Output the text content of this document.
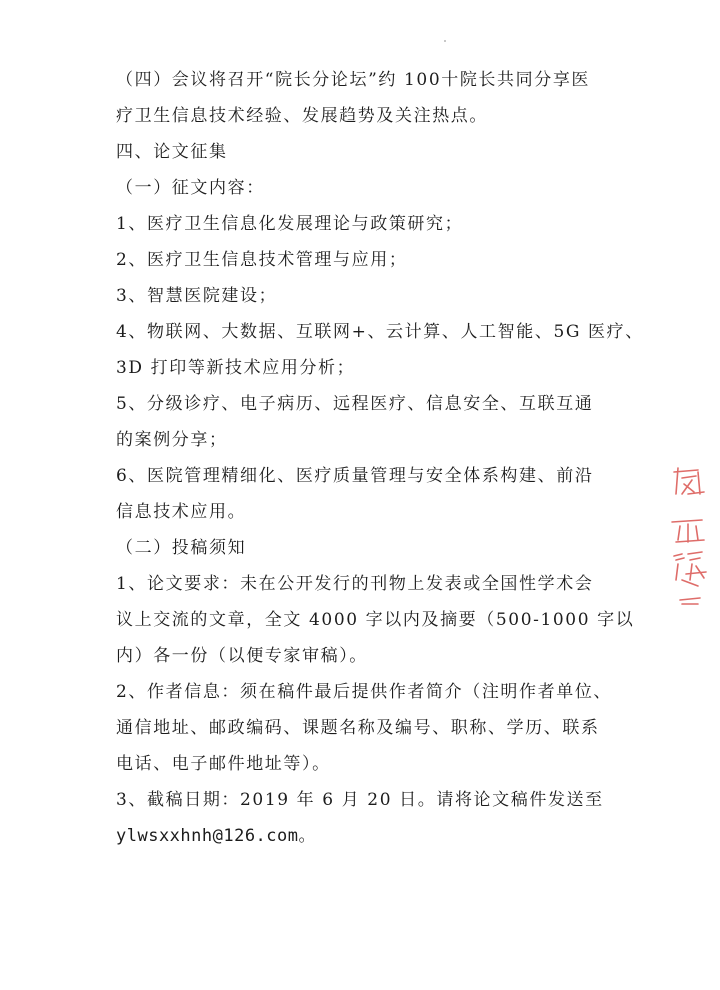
（四）会议将召开“院长分论坛”约 100十院长共同分享医
疗卫生信息技术经验、发展趋势及关注热点。
四、论文征集
（一）征文内容：
1、医疗卫生信息化发展理论与政策研究；
2、医疗卫生信息技术管理与应用；
3、智慧医院建设；
4、物联网、大数据、互联网+、云计算、人工智能、5G 医疗、
3D 打印等新技术应用分析；
5、分级诊疗、电子病历、远程医疗、信息安全、互联互通
的案例分享；
6、医院管理精细化、医疗质量管理与安全体系构建、前沿
信息技术应用。
（二）投稿须知
1、论文要求：未在公开发行的刊物上发表或全国性学术会
议上交流的文章，全文 4000 字以内及摘要（500-1000 字以
内）各一份（以便专家审稿）。
2、作者信息：须在稿件最后提供作者简介（注明作者单位、
通信地址、邮政编码、课题名称及编号、职称、学历、联系
电话、电子邮件地址等）。
3、截稿日期：2019 年 6 月 20 日。请将论文稿件发送至
ylwsxxhnh@126.com。
